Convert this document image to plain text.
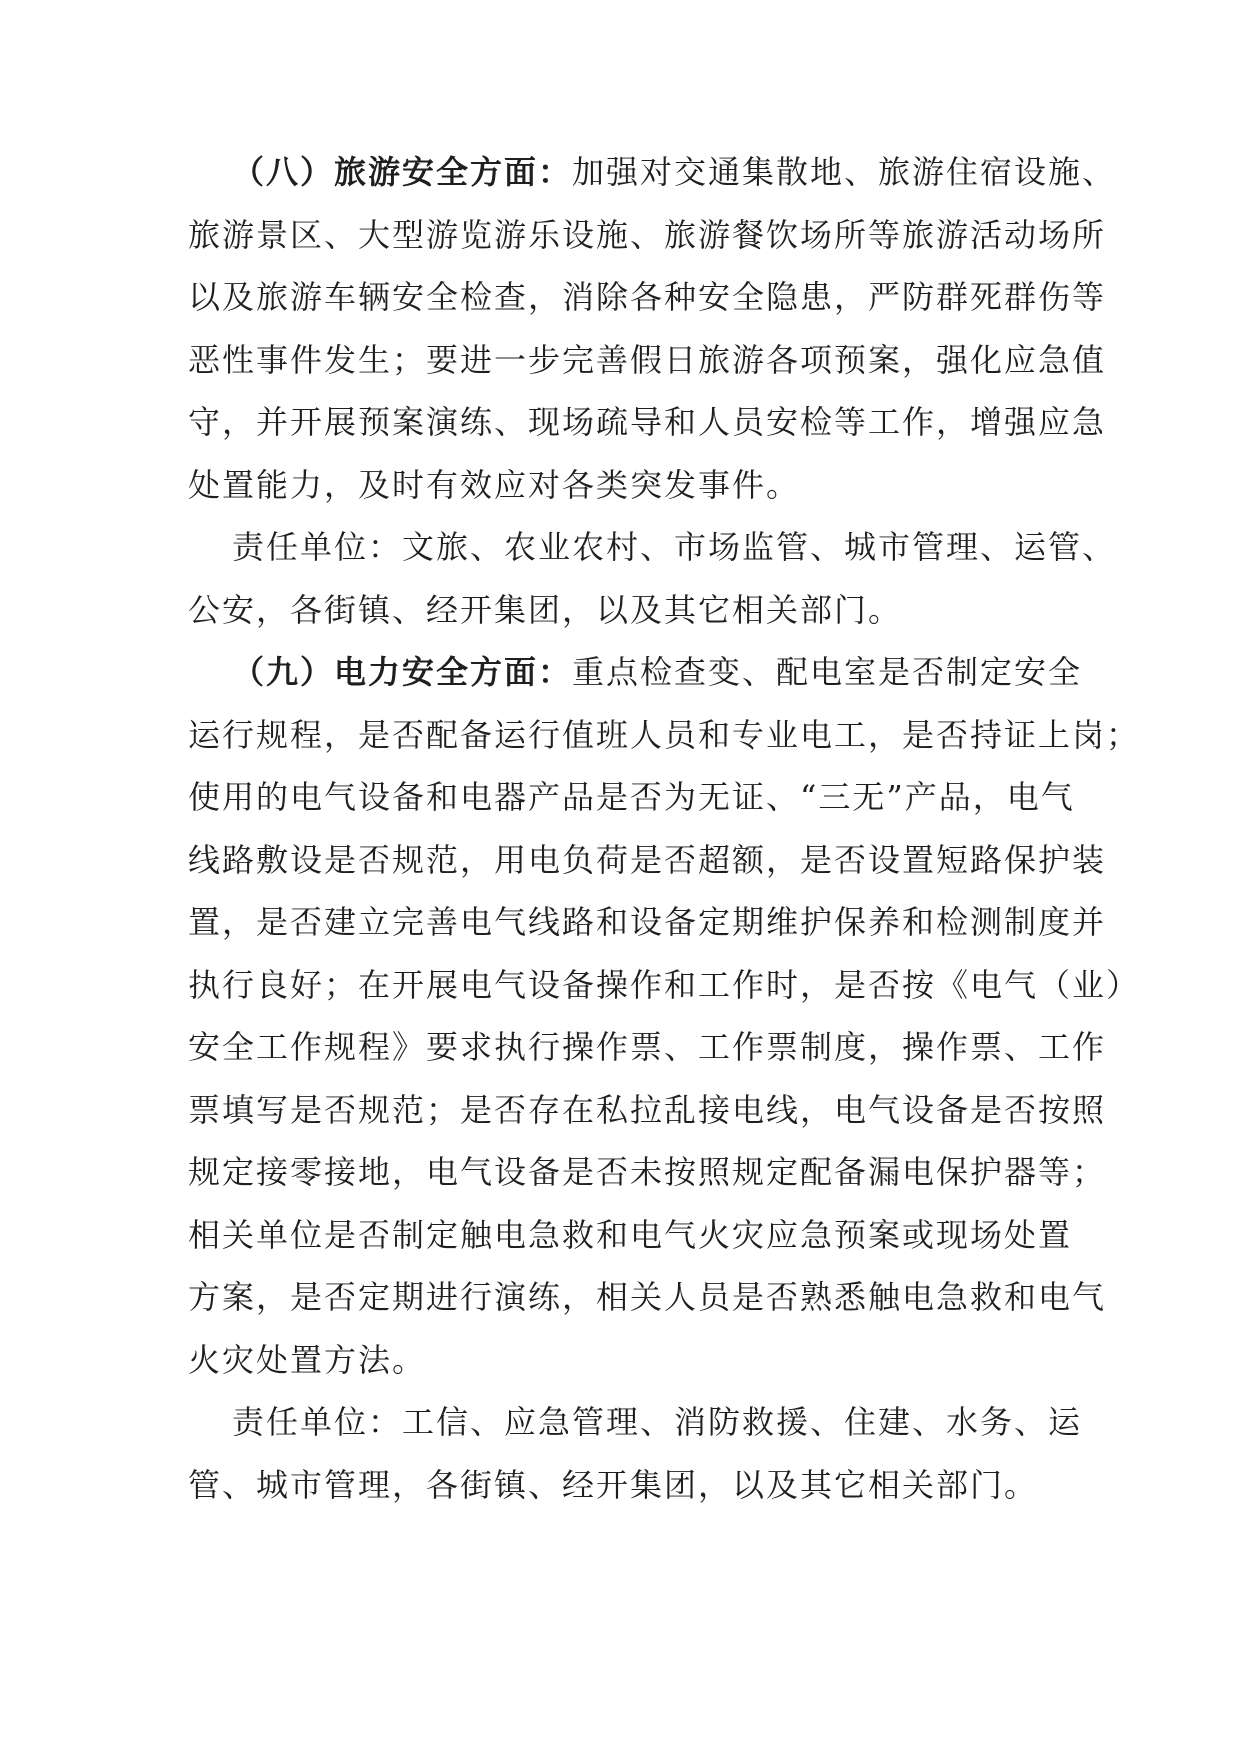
（八）旅游安全方面：加强对交通集散地、旅游住宿设施、
旅游景区、大型游览游乐设施、旅游餐饮场所等旅游活动场所
以及旅游车辆安全检查，消除各种安全隐患，严防群死群伤等
恶性事件发生；要进一步完善假日旅游各项预案，强化应急值
守，并开展预案演练、现场疏导和人员安检等工作，增强应急
处置能力，及时有效应对各类突发事件。
责任单位：文旅、农业农村、市场监管、城市管理、运管、
公安，各街镇、经开集团，以及其它相关部门。
（九）电力安全方面：重点检查变、配电室是否制定安全
运行规程，是否配备运行值班人员和专业电工，是否持证上岗；
使用的电气设备和电器产品是否为无证、“三无”产品，电气
线路敷设是否规范，用电负荷是否超额，是否设置短路保护装
置，是否建立完善电气线路和设备定期维护保养和检测制度并
执行良好；在开展电气设备操作和工作时，是否按《电气（业）
安全工作规程》要求执行操作票、工作票制度，操作票、工作
票填写是否规范；是否存在私拉乱接电线，电气设备是否按照
规定接零接地，电气设备是否未按照规定配备漏电保护器等；
相关单位是否制定触电急救和电气火灾应急预案或现场处置
方案，是否定期进行演练，相关人员是否熟悉触电急救和电气
火灾处置方法。
责任单位：工信、应急管理、消防救援、住建、水务、运
管、城市管理，各街镇、经开集团，以及其它相关部门。
